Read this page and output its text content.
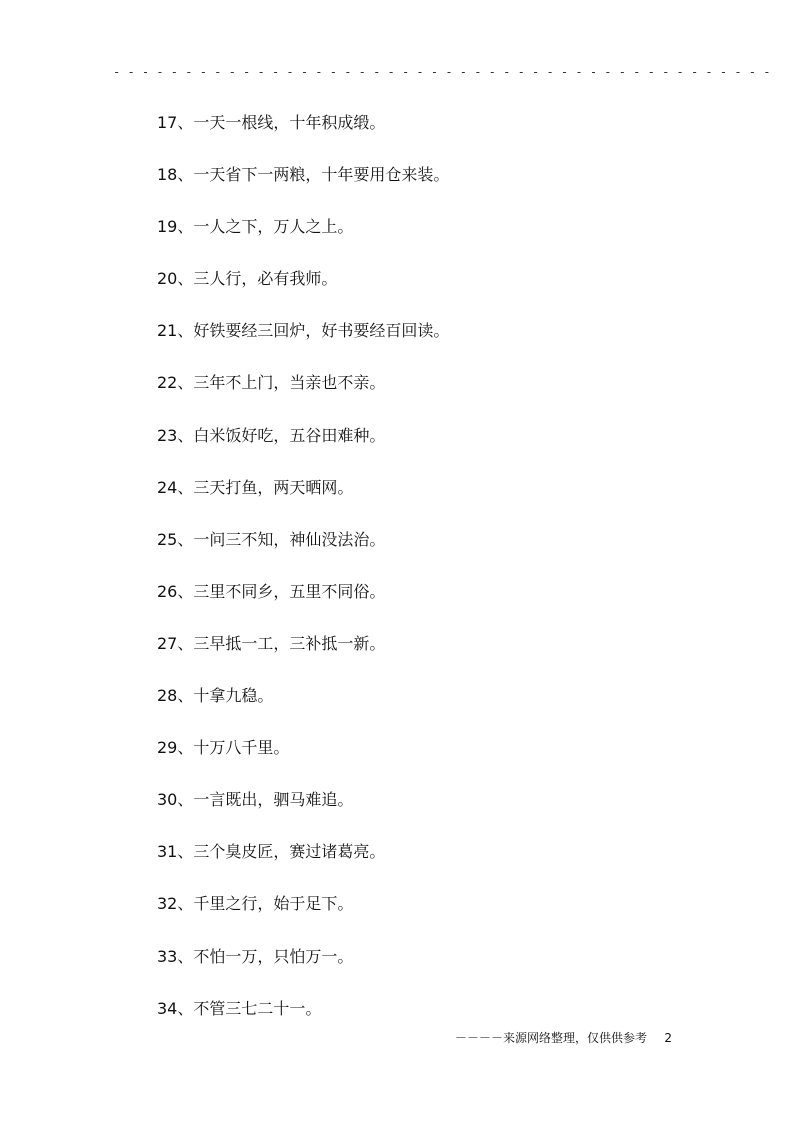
- - - - - - - - - - - - - - - - - - - - - - - - - - - - - - - - - - - - - - - - - - - - - -
17、一天一根线，十年积成缎。
18、一天省下一两粮，十年要用仓来装。
19、一人之下，万人之上。
20、三人行，必有我师。
21、好铁要经三回炉，好书要经百回读。
22、三年不上门，当亲也不亲。
23、白米饭好吃，五谷田难种。
24、三天打鱼，两天晒网。
25、一问三不知，神仙没法治。
26、三里不同乡，五里不同俗。
27、三早抵一工，三补抵一新。
28、十拿九稳。
29、十万八千里。
30、一言既出，驷马难追。
31、三个臭皮匠，赛过诸葛亮。
32、千里之行，始于足下。
33、不怕一万，只怕万一。
34、不管三七二十一。
－－－－来源网络整理，仅供供参考 2
